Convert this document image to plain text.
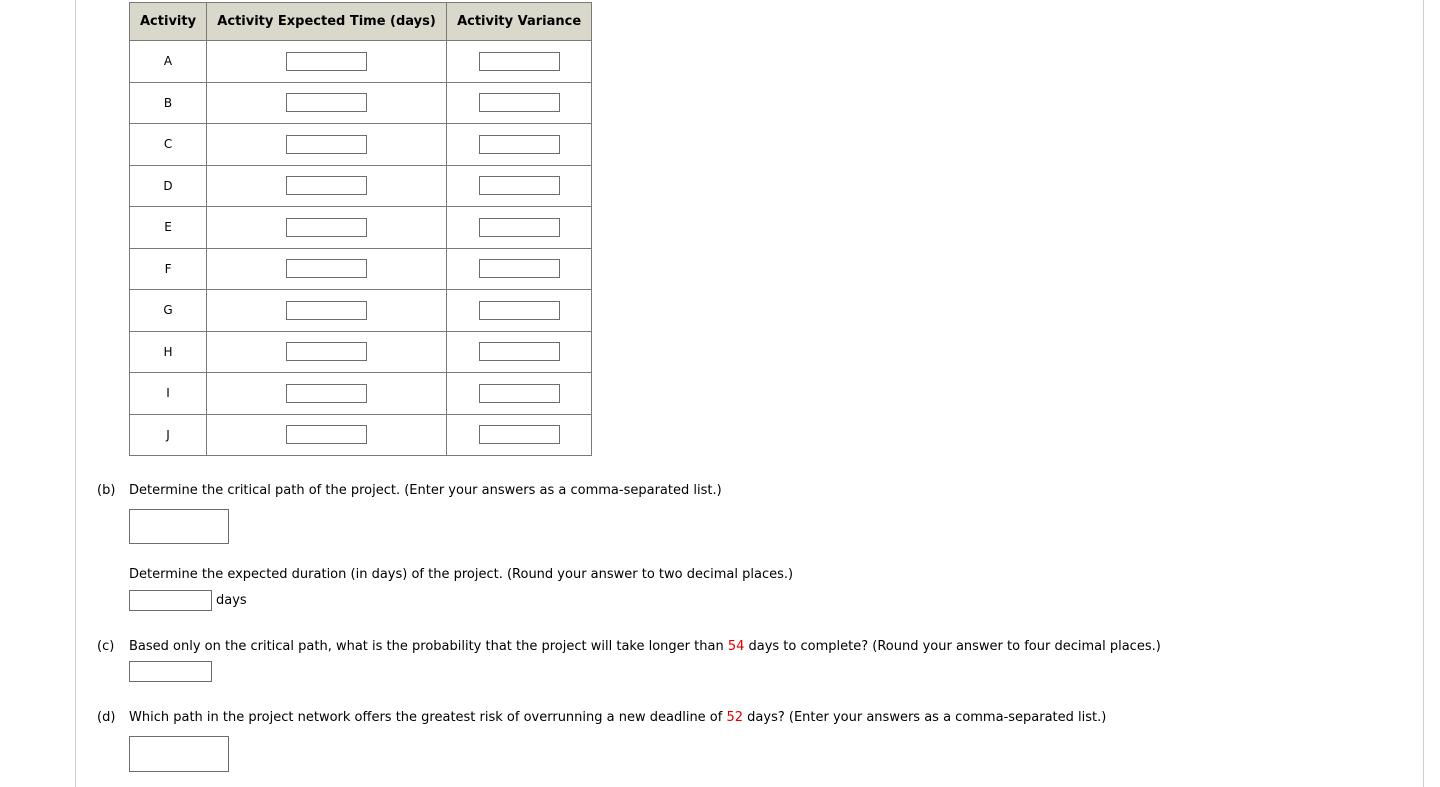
Activity	Activity Expected Time (days)	Activity Variance
A		
B		
C		
D		
E		
F		
G		
H		
I		
J		
(b) Determine the critical path of the project. (Enter your answers as a comma-separated list.)
Determine the expected duration (in days) of the project. (Round your answer to two decimal places.)
days
(c) Based only on the critical path, what is the probability that the project will take longer than 54 days to complete? (Round your answer to four decimal places.)
(d) Which path in the project network offers the greatest risk of overrunning a new deadline of 52 days? (Enter your answers as a comma-separated list.)
